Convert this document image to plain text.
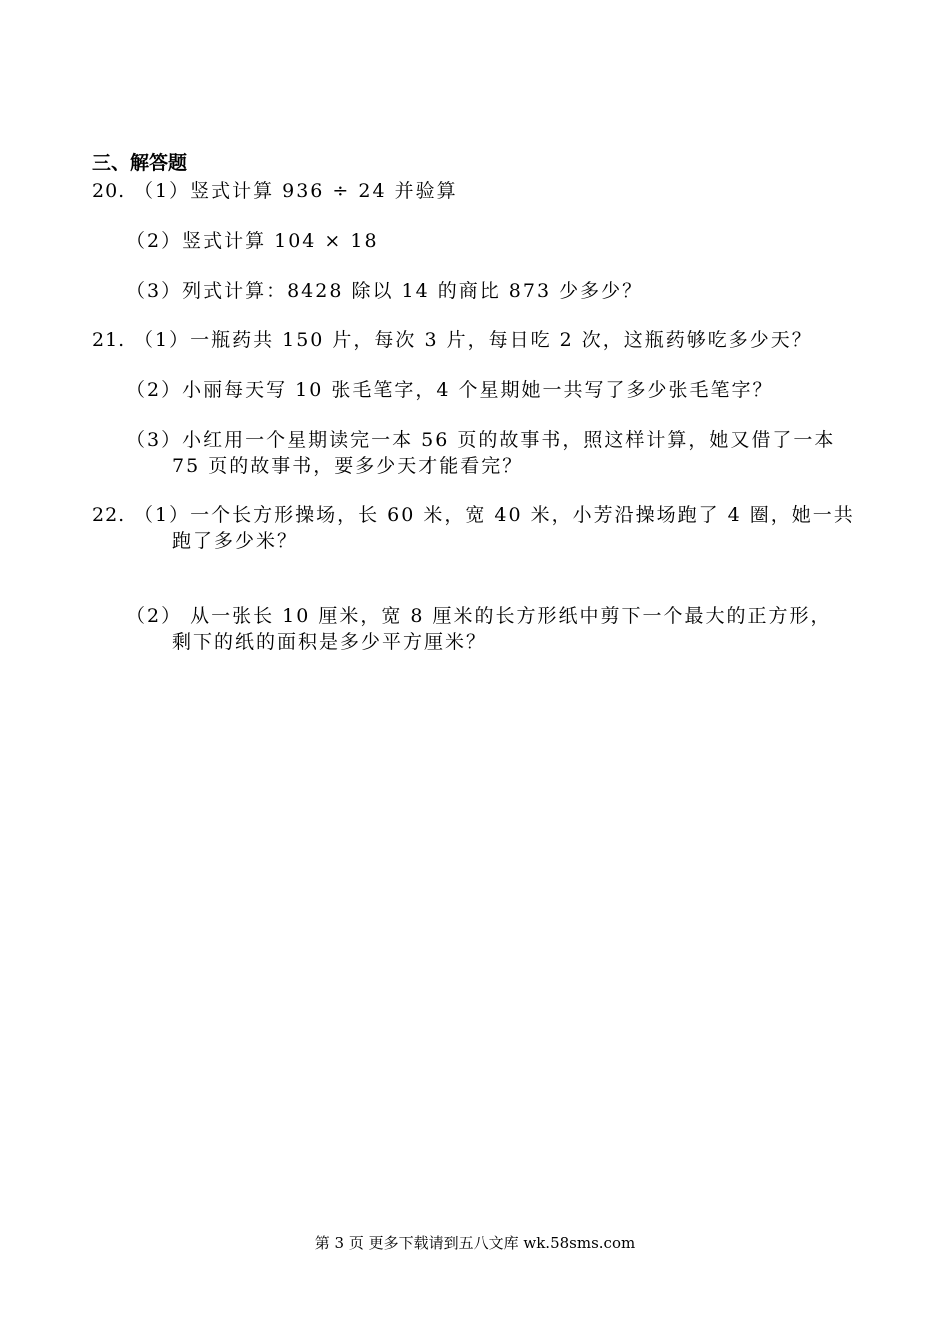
三、解答题
20. （1）竖式计算 936 ÷ 24 并验算
（2）竖式计算 104 × 18
（3）列式计算：8428 除以 14 的商比 873 少多少？
21. （1）一瓶药共 150 片，每次 3 片，每日吃 2 次，这瓶药够吃多少天？
（2）小丽每天写 10 张毛笔字，4 个星期她一共写了多少张毛笔字？
（3）小红用一个星期读完一本 56 页的故事书，照这样计算，她又借了一本
75 页的故事书，要多少天才能看完？
22. （1）一个长方形操场，长 60 米，宽 40 米，小芳沿操场跑了 4 圈，她一共
跑了多少米？
（2） 从一张长 10 厘米，宽 8 厘米的长方形纸中剪下一个最大的正方形，
剩下的纸的面积是多少平方厘米？
第 3 页 更多下载请到五八文库 wk.58sms.com
